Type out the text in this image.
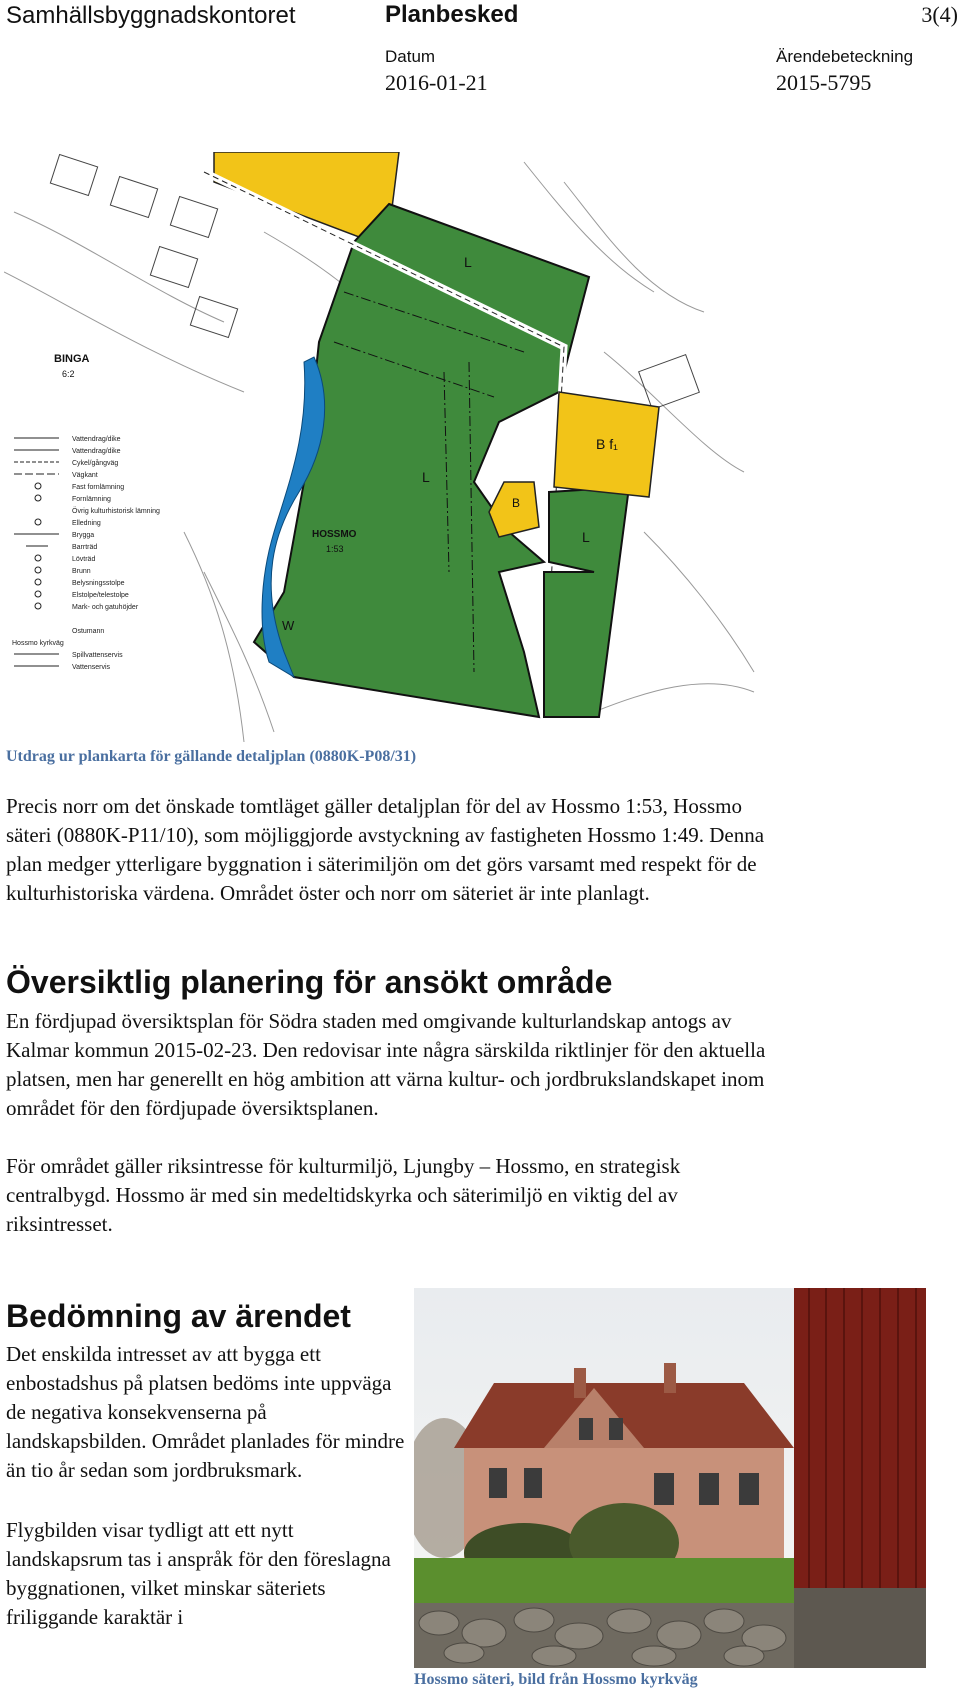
Samhällsbyggnadskontoret	Planbesked	3(4)
Datum
2016-01-21
Ärendebeteckning
2015-5795
BINGA
6:2
HOSSMO
1:53
L
L
L
B f₁
B
W
Vattendrag/dike Vattendrag/dike Cykel/gångväg Vägkant Fast fornlämning Fornlämning Övrig kulturhistorisk lämning Elledning Brygga Barrträd Lövträd Brunn Belysningsstolpe Elstolpe/telestolpe Mark- och gatuhöjder Ostumann Spillvattenservis Vattenservis Hossmo kyrkväg
Utdrag ur plankarta för gällande detaljplan (0880K-P08/31)
Precis norr om det önskade tomtläget gäller detaljplan för del av Hossmo 1:53, Hossmo säteri (0880K-P11/10), som möjliggjorde avstyckning av fastigheten Hossmo 1:49. Denna plan medger ytterligare byggnation i säterimiljön om det görs varsamt med respekt för de kulturhistoriska värdena. Området öster och norr om säteriet är inte planlagt.
Översiktlig planering för ansökt område
En fördjupad översiktsplan för Södra staden med omgivande kulturlandskap antogs av Kalmar kommun 2015-02-23. Den redovisar inte några särskilda riktlinjer för den aktuella platsen, men har generellt en hög ambition att värna kultur- och jordbrukslandskapet inom området för den fördjupade översiktsplanen.
För området gäller riksintresse för kulturmiljö, Ljungby – Hossmo, en strategisk centralbygd. Hossmo är med sin medeltidskyrka och säterimiljö en viktig del av riksintresset.
Bedömning av ärendet
Det enskilda intresset av att bygga ett enbostadshus på platsen bedöms inte uppväga de negativa konsekvenserna på landskapsbilden. Området planlades för mindre än tio år sedan som jordbruksmark.
Flygbilden visar tydligt att ett nytt landskapsrum tas i anspråk för den föreslagna byggnationen, vilket minskar säteriets friliggande karaktär i
Hossmo säteri, bild från Hossmo kyrkväg
